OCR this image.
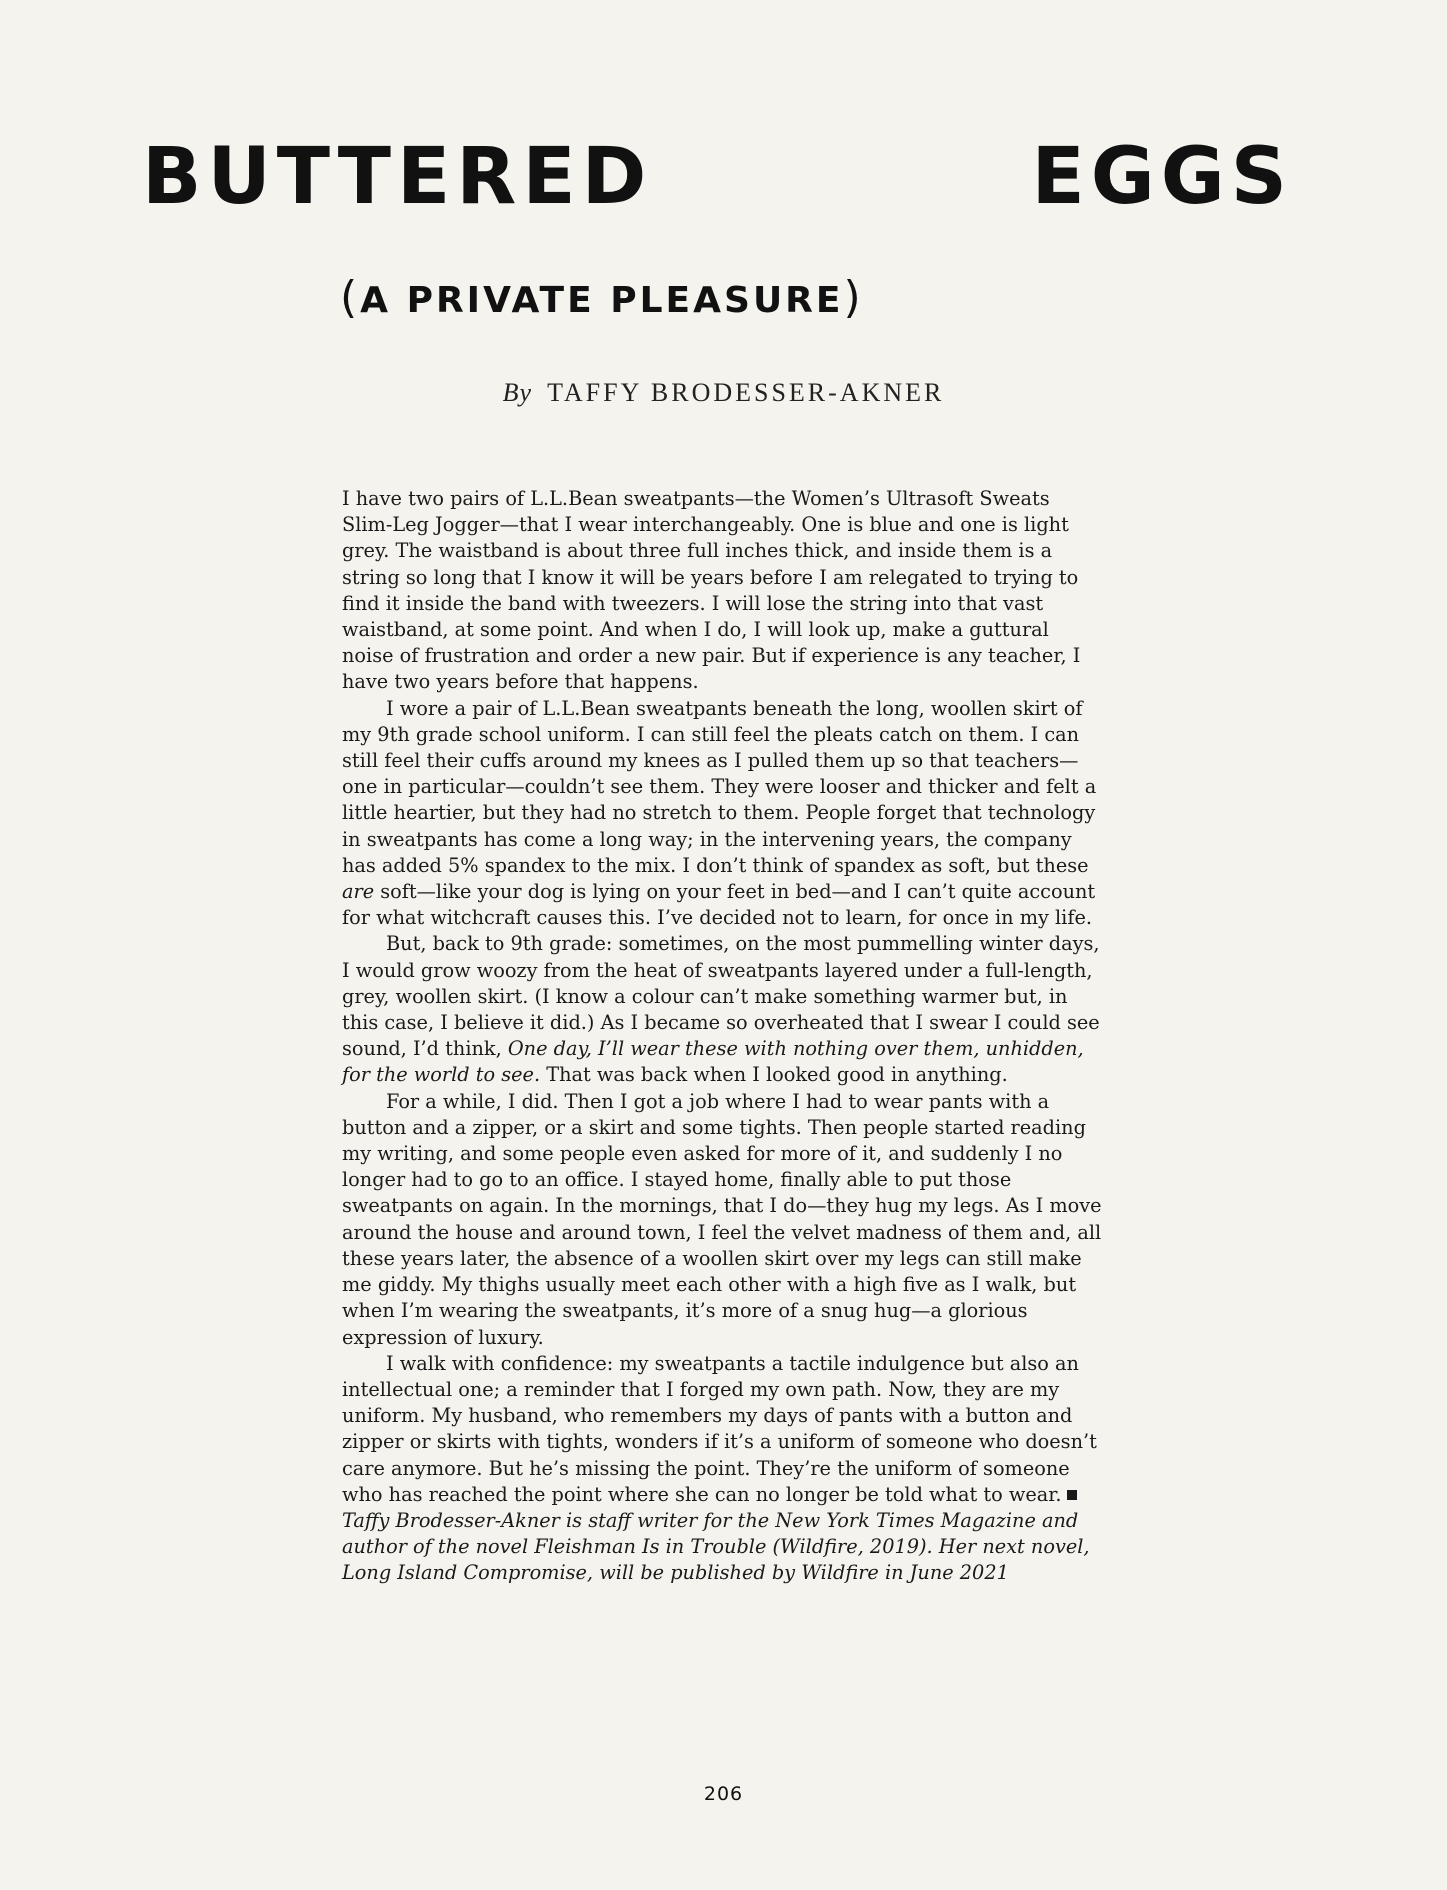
BUTTERED	EGGS
(A PRIVATE PLEASURE)
By TAFFY BRODESSER-AKNER

I have two pairs of L.L.Bean sweatpants—the Women’s Ultrasoft Sweats Slim-Leg Jogger—that I wear interchangeably. One is blue and one is light grey. The waistband is about three full inches thick, and inside them is a string so long that I know it will be years before I am relegated to trying to find it inside the band with tweezers. I will lose the string into that vast waistband, at some point. And when I do, I will look up, make a guttural noise of frustration and order a new pair. But if experience is any teacher, I have two years before that happens.

I wore a pair of L.L.Bean sweatpants beneath the long, woollen skirt of my 9th grade school uniform. I can still feel the pleats catch on them. I can still feel their cuffs around my knees as I pulled them up so that teachers—one in particular—couldn’t see them. They were looser and thicker and felt a little heartier, but they had no stretch to them. People forget that technology in sweatpants has come a long way; in the intervening years, the company has added 5% spandex to the mix. I don’t think of spandex as soft, but these are soft—like your dog is lying on your feet in bed—and I can’t quite account for what witchcraft causes this. I’ve decided not to learn, for once in my life.

But, back to 9th grade: sometimes, on the most pummelling winter days, I would grow woozy from the heat of sweatpants layered under a full-length, grey, woollen skirt. (I know a colour can’t make something warmer but, in this case, I believe it did.) As I became so overheated that I swear I could see sound, I’d think, One day, I’ll wear these with nothing over them, unhidden, for the world to see. That was back when I looked good in anything.

For a while, I did. Then I got a job where I had to wear pants with a button and a zipper, or a skirt and some tights. Then people started reading my writing, and some people even asked for more of it, and suddenly I no longer had to go to an office. I stayed home, finally able to put those sweatpants on again. In the mornings, that I do—they hug my legs. As I move around the house and around town, I feel the velvet madness of them and, all these years later, the absence of a woollen skirt over my legs can still make me giddy. My thighs usually meet each other with a high five as I walk, but when I’m wearing the sweatpants, it’s more of a snug hug—a glorious expression of luxury.

I walk with confidence: my sweatpants a tactile indulgence but also an intellectual one; a reminder that I forged my own path. Now, they are my uniform. My husband, who remembers my days of pants with a button and zipper or skirts with tights, wonders if it’s a uniform of someone who doesn’t care anymore. But he’s missing the point. They’re the uniform of someone who has reached the point where she can no longer be told what to wear.

Taffy Brodesser-Akner is staff writer for the New York Times Magazine and author of the novel Fleishman Is in Trouble (Wildfire, 2019). Her next novel, Long Island Compromise, will be published by Wildfire in June 2021

206
